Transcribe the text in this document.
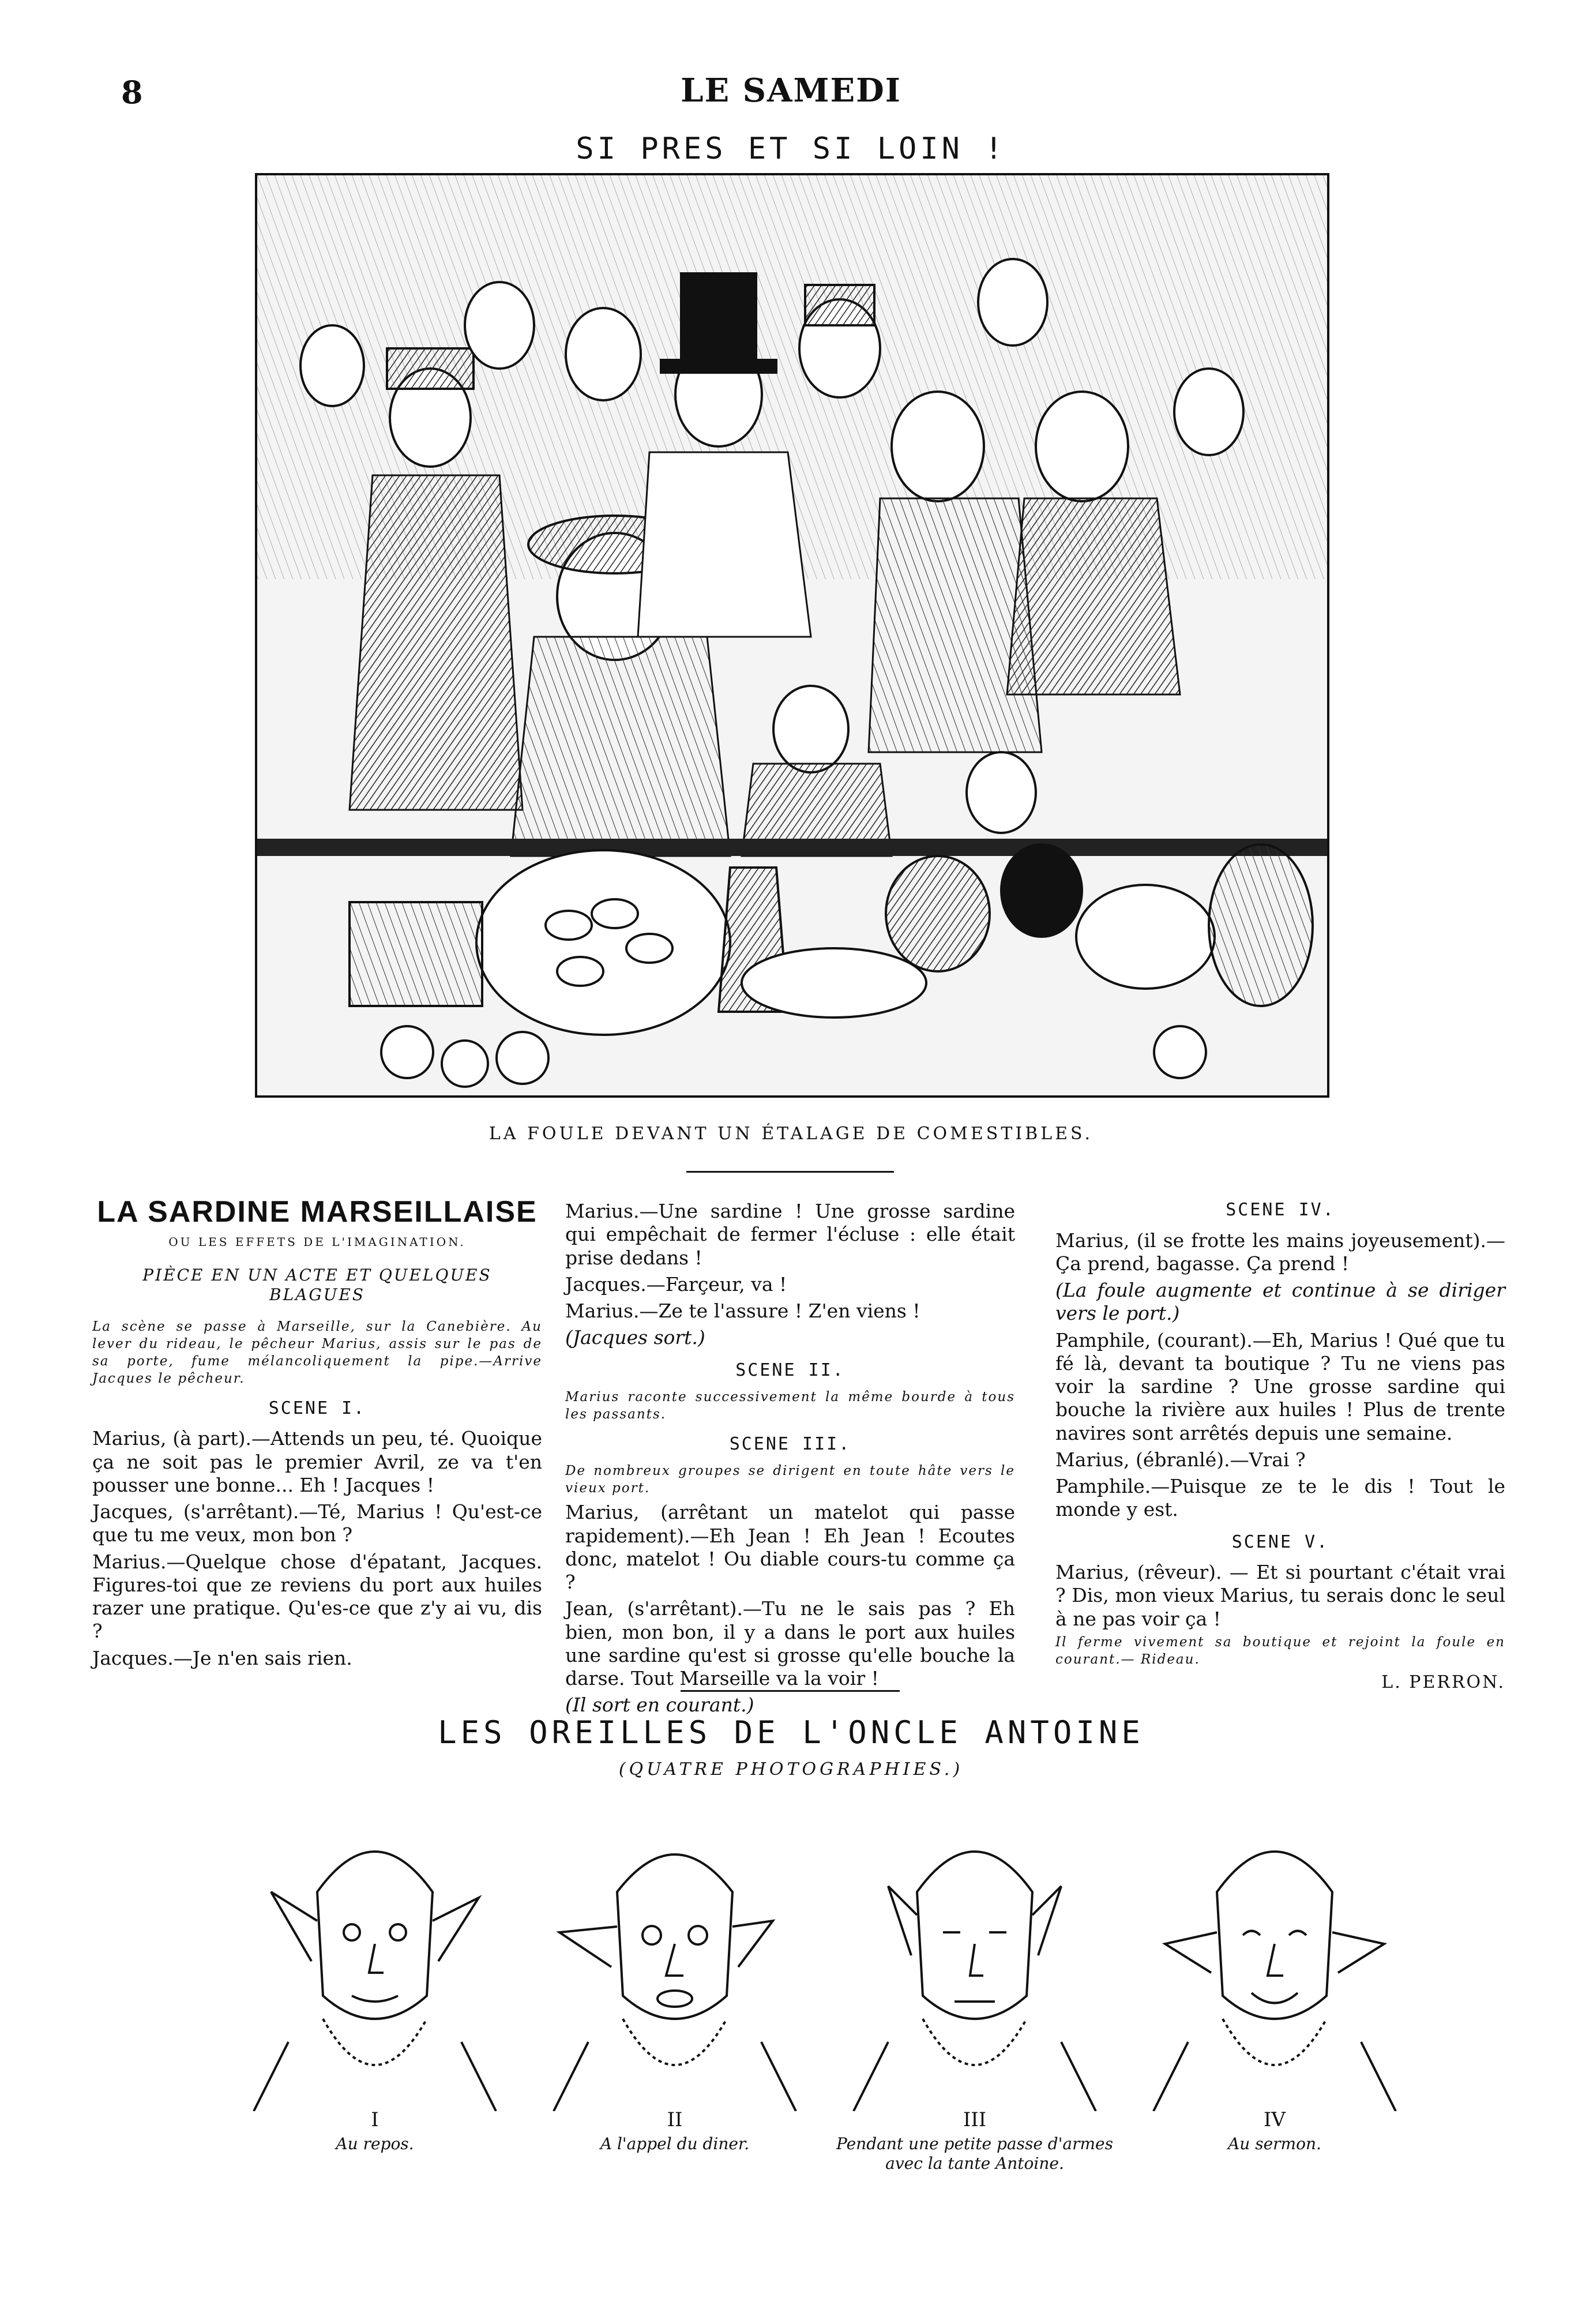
8	LE SAMEDI
SI PRES ET SI LOIN !
LA FOULE DEVANT UN ÉTALAGE DE COMESTIBLES.
LA SARDINE MARSEILLAISE
OU LES EFFETS DE L'IMAGINATION.
PIÈCE EN UN ACTE ET QUELQUES BLAGUES

La scène se passe à Marseille, sur la Canebière. Au lever du rideau, le pêcheur Marius, assis sur le pas de sa porte, fume mélancoliquement la pipe.—Arrive Jacques le pêcheur.

SCENE I.

Marius, (à part).—Attends un peu, té. Quoique ça ne soit pas le premier Avril, ze va t'en pousser une bonne... Eh ! Jacques !

Jacques, (s'arrêtant).—Té, Marius ! Qu'est-ce que tu me veux, mon bon ?

Marius.—Quelque chose d'épatant, Jacques. Figures-toi que ze reviens du port aux huiles razer une pratique. Qu'es-ce que z'y ai vu, dis ?

Jacques.—Je n'en sais rien.

Marius.—Une sardine ! Une grosse sardine qui empêchait de fermer l'écluse : elle était prise dedans !

Jacques.—Farçeur, va !

Marius.—Ze te l'assure ! Z'en viens !

(Jacques sort.)

SCENE II.

Marius raconte successivement la même bourde à tous les passants.

SCENE III.

De nombreux groupes se dirigent en toute hâte vers le vieux port.

Marius, (arrêtant un matelot qui passe rapidement).—Eh Jean ! Eh Jean ! Ecoutes donc, matelot ! Ou diable cours-tu comme ça ?

Jean, (s'arrêtant).—Tu ne le sais pas ? Eh bien, mon bon, il y a dans le port aux huiles une sardine qu'est si grosse qu'elle bouche la darse. Tout Marseille va la voir !

(Il sort en courant.)

SCENE IV.

Marius, (il se frotte les mains joyeusement).—Ça prend, bagasse. Ça prend !

(La foule augmente et continue à se diriger vers le port.)

Pamphile, (courant).—Eh, Marius ! Qué que tu fé là, devant ta boutique ? Tu ne viens pas voir la sardine ? Une grosse sardine qui bouche la rivière aux huiles ! Plus de trente navires sont arrêtés depuis une semaine.

Marius, (ébranlé).—Vrai ?

Pamphile.—Puisque ze te le dis ! Tout le monde y est.

SCENE V.

Marius, (rêveur). — Et si pourtant c'était vrai ? Dis, mon vieux Marius, tu serais donc le seul à ne pas voir ça !

Il ferme vivement sa boutique et rejoint la foule en courant.— Rideau.

L. PERRON.

LES OREILLES DE L'ONCLE ANTOINE
(QUATRE PHOTOGRAPHIES.)
I
Au repos.
II
A l'appel du diner.
III
Pendant une petite passe d'armes avec la tante Antoine.
IV
Au sermon.
